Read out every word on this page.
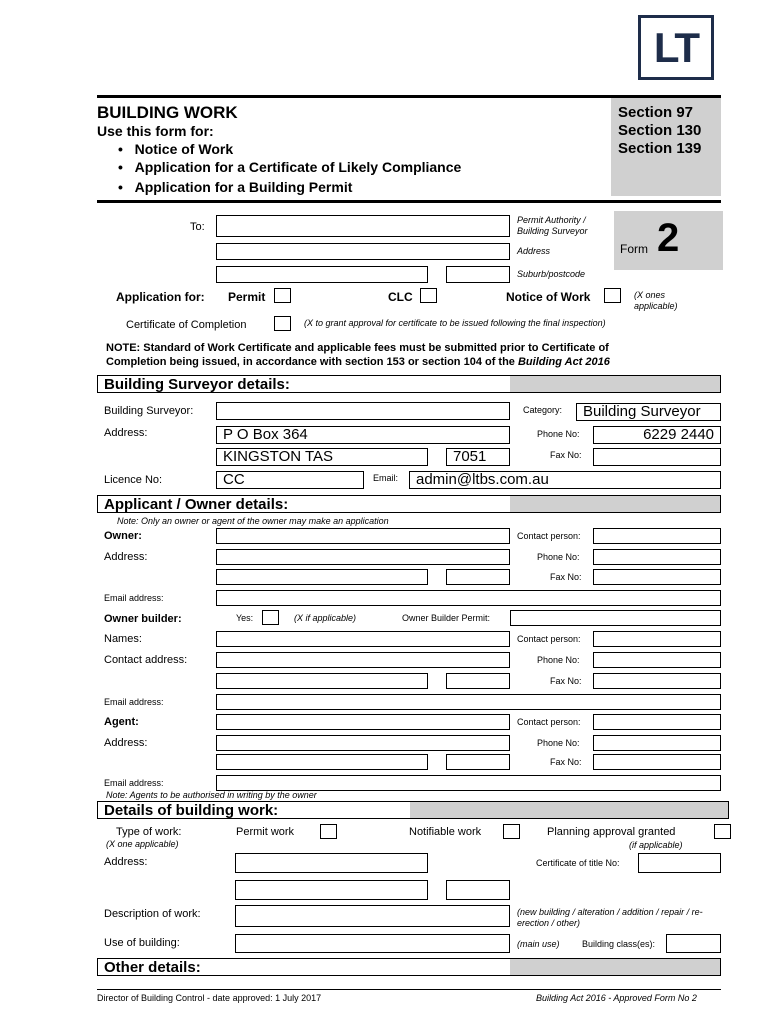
LT
BUILDING WORK
Use this form for:
•   Notice of Work
•   Application for a Certificate of Likely Compliance
•   Application for a Building Permit
Section 97
Section 130
Section 139
To:
Permit Authority / Building Surveyor
Address
Suburb/postcode
Form 2
Application for: Permit	CLC	Notice of Work	(X ones applicable)
Certificate of Completion	(X to grant approval for certificate to be issued following the final inspection)
NOTE: Standard of Work Certificate and applicable fees must be submitted prior to Certificate of
Completion being issued, in accordance with section 153 or section 104 of the Building Act 2016
Building Surveyor details:
Building Surveyor:	Category:	Building Surveyor
Address:	P O Box 364	Phone No:	6229 2440
KINGSTON TAS	7051	Fax No:
Licence No:	CC	Email:	admin@ltbs.com.au
Applicant / Owner details:
Note: Only an owner or agent of the owner may make an application
Owner:	Contact person:
Address:	Phone No:
Fax No:
Email address:
Owner builder:	Yes:	(X if applicable)	Owner Builder Permit:
Names:	Contact person:
Contact address:	Phone No:
Fax No:
Email address:
Agent:	Contact person:
Address:	Phone No:
Fax No:
Email address:
Note: Agents to be authorised in writing by the owner
Details of building work:
Type of work:
(X one applicable)
Permit work	Notifiable work	Planning approval granted
(if applicable)
Address:	Certificate of title No:
Description of work:	(new building / alteration / addition / repair / re-erection / other)
Use of building:	(main use) Building class(es):
Other details:
Director of Building Control - date approved: 1 July 2017	Building Act 2016 - Approved Form No 2
